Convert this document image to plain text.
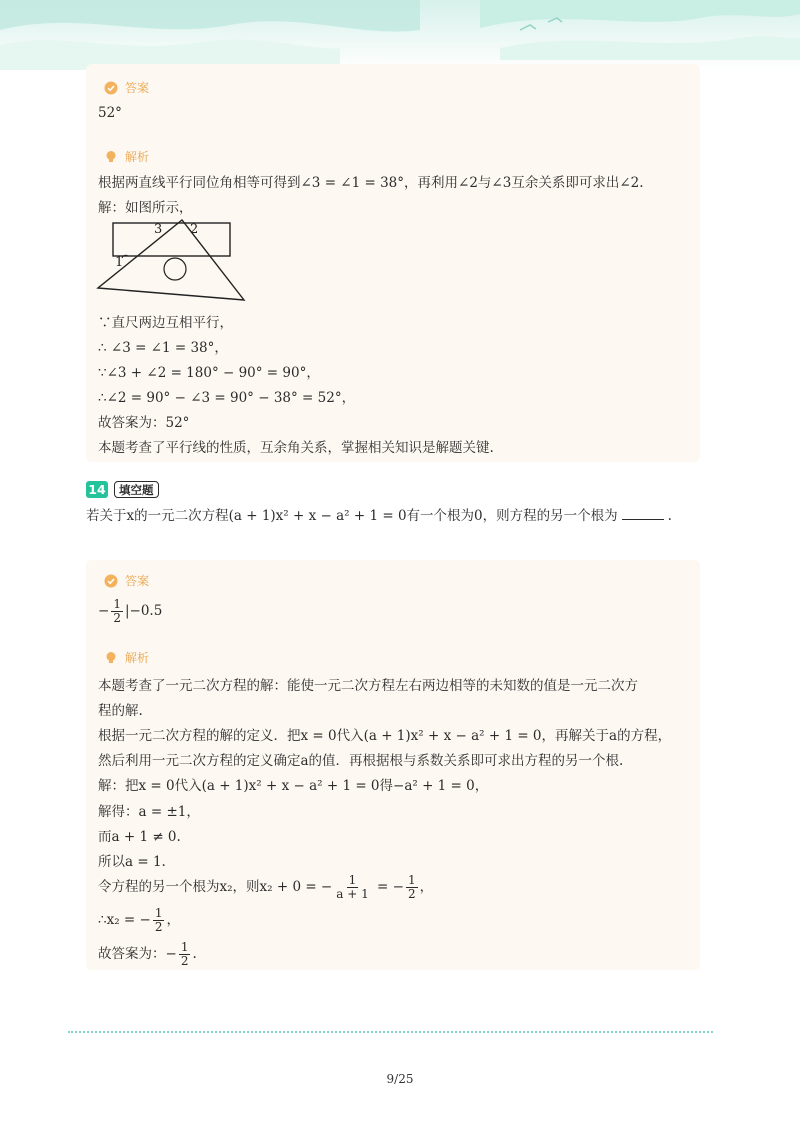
答案
52°
解析
根据两直线平行同位角相等可得到∠3 = ∠1 = 38°，再利用∠2与∠3互余关系即可求出∠2.
解：如图所示，
3 2
1
∵直尺两边互相平行，
∴ ∠3 = ∠1 = 38°，
∵∠3 + ∠2 = 180° − 90° = 90°，
∴∠2 = 90° − ∠3 = 90° − 38° = 52°，
故答案为：52°
本题考查了平行线的性质，互余角关系，掌握相关知识是解题关键.
14	填空题
若关于x的一元二次方程(a + 1)x² + x − a² + 1 = 0有一个根为0，则方程的另一个根为	.
答案
− $\frac{1}{2} |-0.5$
解析
本题考查了一元二次方程的解：能使一元二次方程左右两边相等的未知数的值是一元二次方
程的解.
根据一元二次方程的解的定义．把x = 0代入(a + 1)x² + x − a² + 1 = 0，再解关于a的方程，
然后利用一元二次方程的定义确定a的值．再根据根与系数关系即可求出方程的另一个根.
解：把x = 0代入(a + 1)x² + x − a² + 1 = 0得−a² + 1 = 0，
解得：a = ±1，
而a + 1 ≠ 0.
所以a = 1.
令方程的另一个根为x₂，则x₂ + 0 = − $\frac{1}{a + 1}$ = − $\frac{1}{2}$ ，
∴x₂ = − $\frac{1}{2}$ ，
故答案为：− $\frac{1}{2}$ .
9/25
